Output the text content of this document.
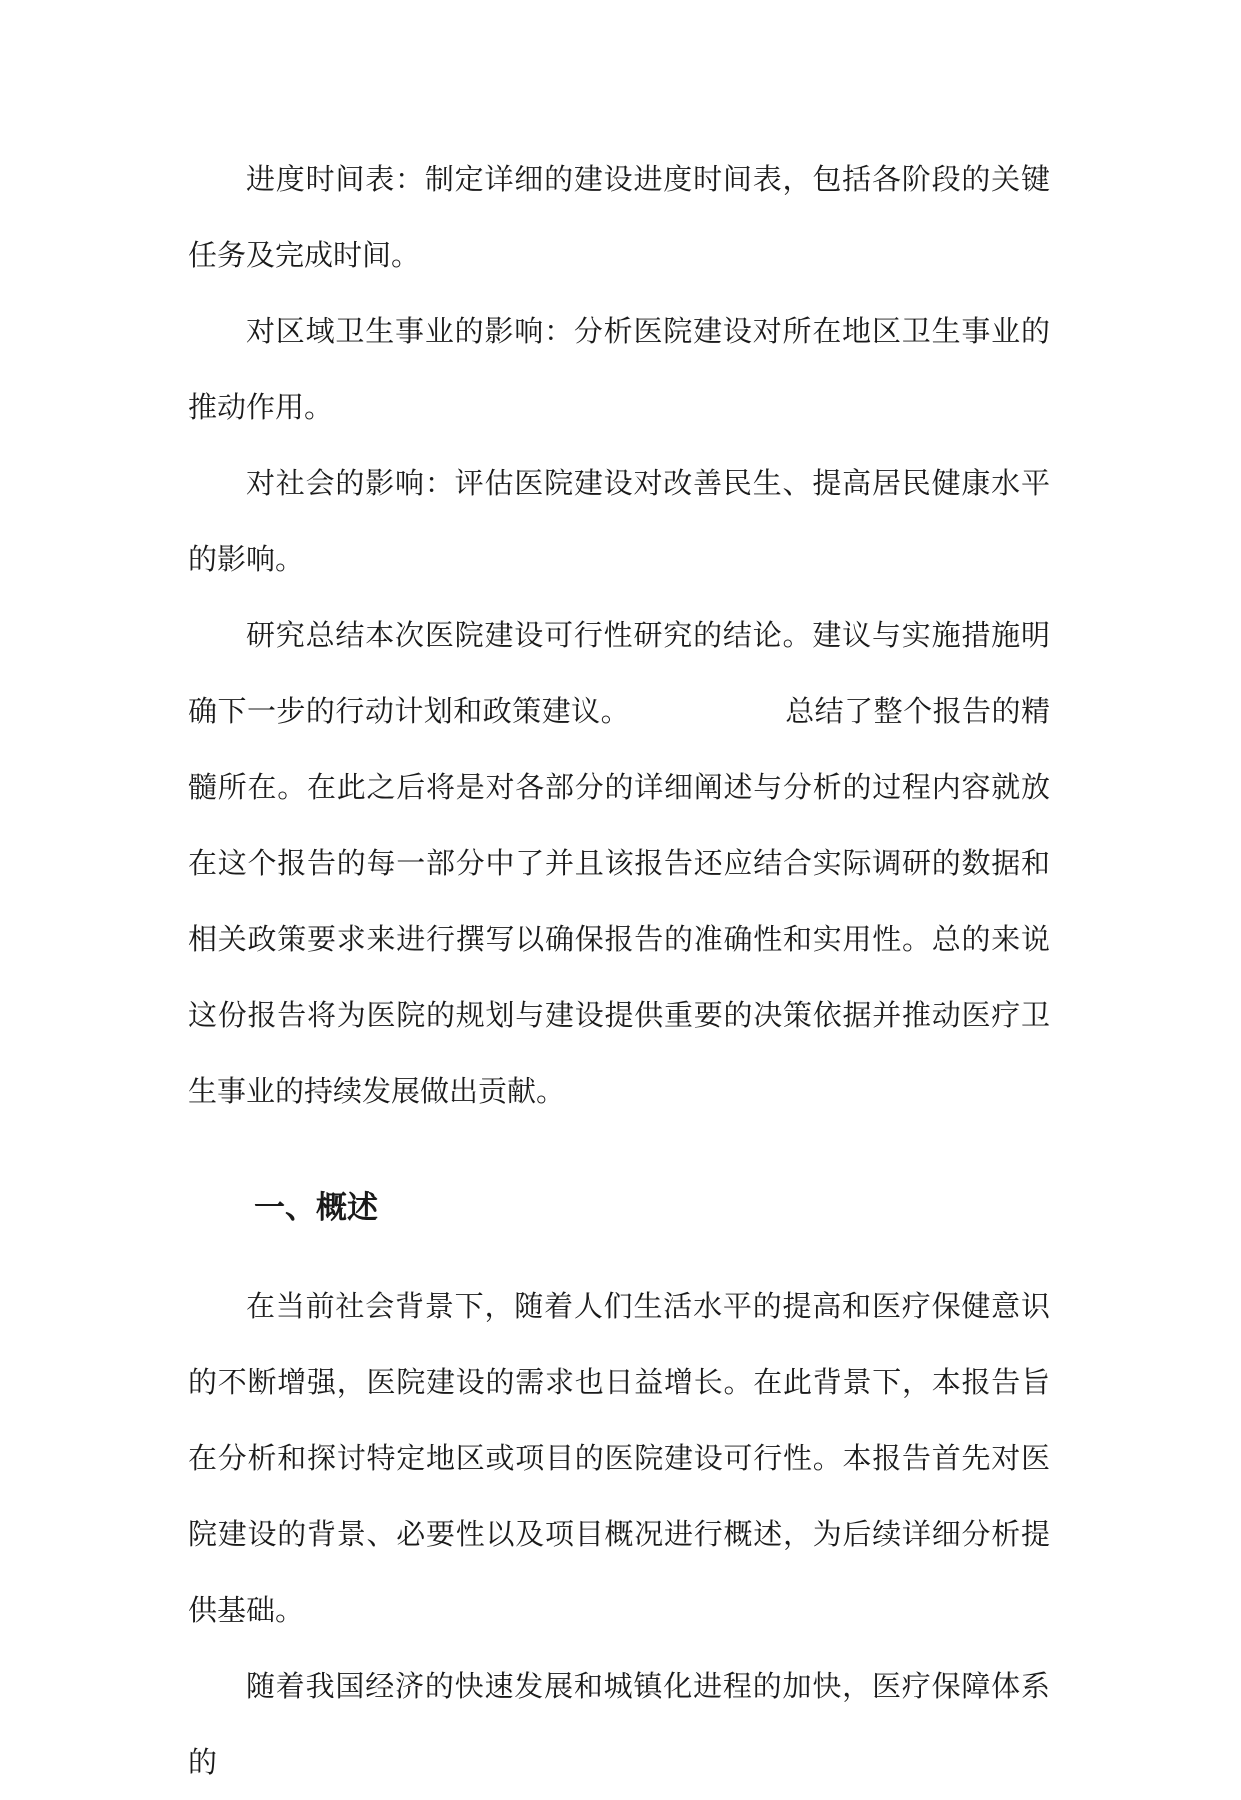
进度时间表：制定详细的建设进度时间表，包括各阶段的关键任务及完成时间。

对区域卫生事业的影响：分析医院建设对所在地区卫生事业的推动作用。

对社会的影响：评估医院建设对改善民生、提高居民健康水平的影响。

研究总结本次医院建设可行性研究的结论。建议与实施措施明确下一步的行动计划和政策建议。                总结了整个报告的精髓所在。在此之后将是对各部分的详细阐述与分析的过程内容就放在这个报告的每一部分中了并且该报告还应结合实际调研的数据和相关政策要求来进行撰写以确保报告的准确性和实用性。总的来说这份报告将为医院的规划与建设提供重要的决策依据并推动医疗卫生事业的持续发展做出贡献。

一、概述

在当前社会背景下，随着人们生活水平的提高和医疗保健意识的不断增强，医院建设的需求也日益增长。在此背景下，本报告旨在分析和探讨特定地区或项目的医院建设可行性。本报告首先对医院建设的背景、必要性以及项目概况进行概述，为后续详细分析提供基础。

随着我国经济的快速发展和城镇化进程的加快，医疗保障体系的
